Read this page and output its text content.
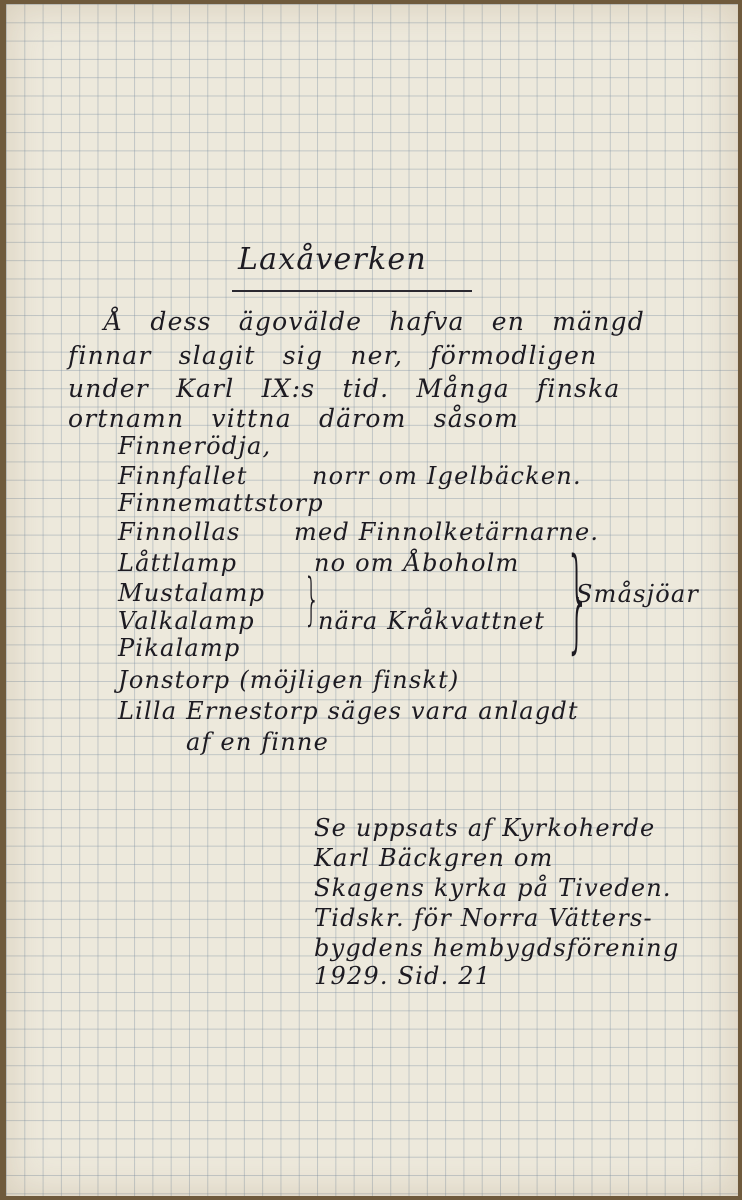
Laxåverken
Å dess ägovälde hafva en mängd
finnar slagit sig ner, förmodligen
under Karl IX:s tid. Många finska
ortnamn vittna därom såsom
Finnerödja,
Finnfallet	norr om Igelbäcken.
Finnemattstorp
Finnollas med Finnolketärnarne.
Låttlamp	no om Åboholm
Mustalamp
Valkalamp
Pikalamp
}
nära Kråkvattnet }
Småsjöar
Jonstorp (möjligen finskt)
Lilla Ernestorp säges vara anlagdt
af en finne
Se uppsats af Kyrkoherde
Karl Bäckgren om
Skagens kyrka på Tiveden.
Tidskr. för Norra Vätters-
bygdens hembygdsförening
1929. Sid. 21
